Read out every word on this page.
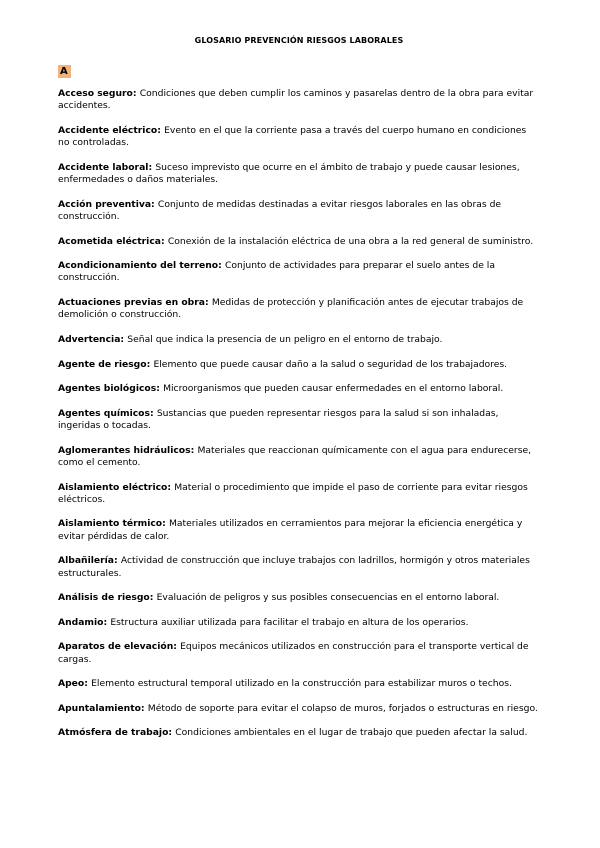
GLOSARIO PREVENCIÓN RIESGOS LABORALES
A
Acceso seguro: Condiciones que deben cumplir los caminos y pasarelas dentro de la obra para evitar accidentes.
Accidente eléctrico: Evento en el que la corriente pasa a través del cuerpo humano en condiciones no controladas.
Accidente laboral: Suceso imprevisto que ocurre en el ámbito de trabajo y puede causar lesiones, enfermedades o daños materiales.
Acción preventiva: Conjunto de medidas destinadas a evitar riesgos laborales en las obras de construcción.
Acometida eléctrica: Conexión de la instalación eléctrica de una obra a la red general de suministro.
Acondicionamiento del terreno: Conjunto de actividades para preparar el suelo antes de la construcción.
Actuaciones previas en obra: Medidas de protección y planificación antes de ejecutar trabajos de demolición o construcción.
Advertencia: Señal que indica la presencia de un peligro en el entorno de trabajo.
Agente de riesgo: Elemento que puede causar daño a la salud o seguridad de los trabajadores.
Agentes biológicos: Microorganismos que pueden causar enfermedades en el entorno laboral.
Agentes químicos: Sustancias que pueden representar riesgos para la salud si son inhaladas, ingeridas o tocadas.
Aglomerantes hidráulicos: Materiales que reaccionan químicamente con el agua para endurecerse, como el cemento.
Aislamiento eléctrico: Material o procedimiento que impide el paso de corriente para evitar riesgos eléctricos.
Aislamiento térmico: Materiales utilizados en cerramientos para mejorar la eficiencia energética y evitar pérdidas de calor.
Albañilería: Actividad de construcción que incluye trabajos con ladrillos, hormigón y otros materiales estructurales.
Análisis de riesgo: Evaluación de peligros y sus posibles consecuencias en el entorno laboral.
Andamio: Estructura auxiliar utilizada para facilitar el trabajo en altura de los operarios.
Aparatos de elevación: Equipos mecánicos utilizados en construcción para el transporte vertical de cargas.
Apeo: Elemento estructural temporal utilizado en la construcción para estabilizar muros o techos.
Apuntalamiento: Método de soporte para evitar el colapso de muros, forjados o estructuras en riesgo.
Atmósfera de trabajo: Condiciones ambientales en el lugar de trabajo que pueden afectar la salud.
